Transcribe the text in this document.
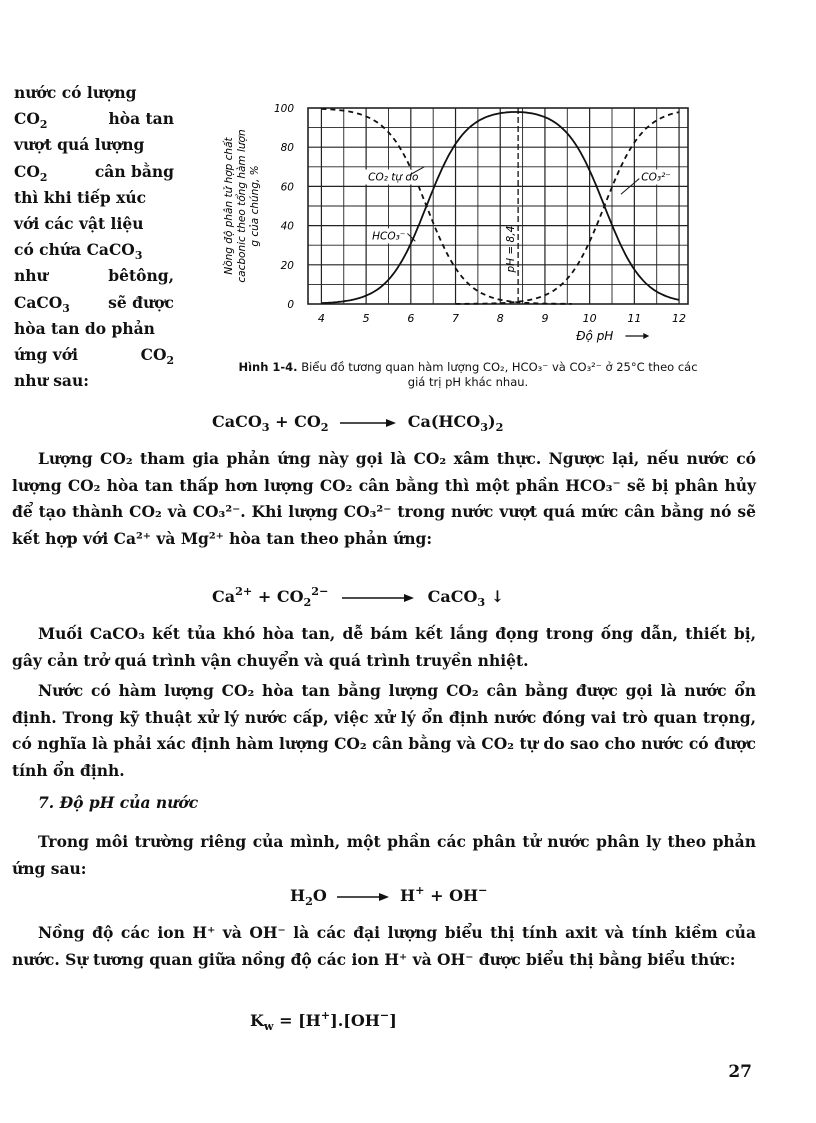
nước có lượng
$CO_2$	hòa tan
vượt quá lượng
$CO_2$	cân bằng
thì khi tiếp xúc
với các vật liệu
có chứa CaCO$_3$
như	bêtông,
CaCO$_3$ sẽ được
hòa tan do phản
ứng với	$CO_2$
như sau:
Nồng độ phân tử hợp chất cacbonic theo tổng hàm lượn g của chúng, %
4	5	6	7	8	9	10	11	12
0
20
40
60
80
100
pH = 8,4
CO₂ tự do
HCO₃⁻
CO₃²⁻
Độ pH
Hình 1-4. Biểu đồ tương quan hàm lượng CO₂, HCO₃⁻ và CO₃²⁻ ở 25°C theo các giá trị pH khác nhau.
CaCO$_3$ + $CO_2$	$Ca(HCO_3)_2$
Lượng CO₂ tham gia phản ứng này gọi là CO₂ xâm thực. Ngược lại, nếu nước có lượng CO₂ hòa tan thấp hơn lượng CO₂ cân bằng thì một phần HCO₃⁻ sẽ bị phân hủy để tạo thành CO₂ và CO₃²⁻. Khi lượng CO₃²⁻ trong nước vượt quá mức cân bằng nó sẽ kết hợp với Ca²⁺ và Mg²⁺ hòa tan theo phản ứng:
$Ca^{2+} + CO_2^{2-}$	CaCO$_3$ ↓
Muối CaCO₃ kết tủa khó hòa tan, dễ bám kết lắng đọng trong ống dẫn, thiết bị, gây cản trở quá trình vận chuyển và quá trình truyền nhiệt.
Nước có hàm lượng CO₂ hòa tan bằng lượng CO₂ cân bằng được gọi là nước ổn định. Trong kỹ thuật xử lý nước cấp, việc xử lý ổn định nước đóng vai trò quan trọng, có nghĩa là phải xác định hàm lượng CO₂ cân bằng và CO₂ tự do sao cho nước có được tính ổn định.
7. Độ pH của nước
Trong môi trường riêng của mình, một phần các phân tử nước phân ly theo phản ứng sau:
$H_2O$	H+ + OH−
Nồng độ các ion H⁺ và OH⁻ là các đại lượng biểu thị tính axit và tính kiềm của nước. Sự tương quan giữa nồng độ các ion H⁺ và OH⁻ được biểu thị bằng biểu thức:
$K_w = [H^+].[OH^-]$
27
